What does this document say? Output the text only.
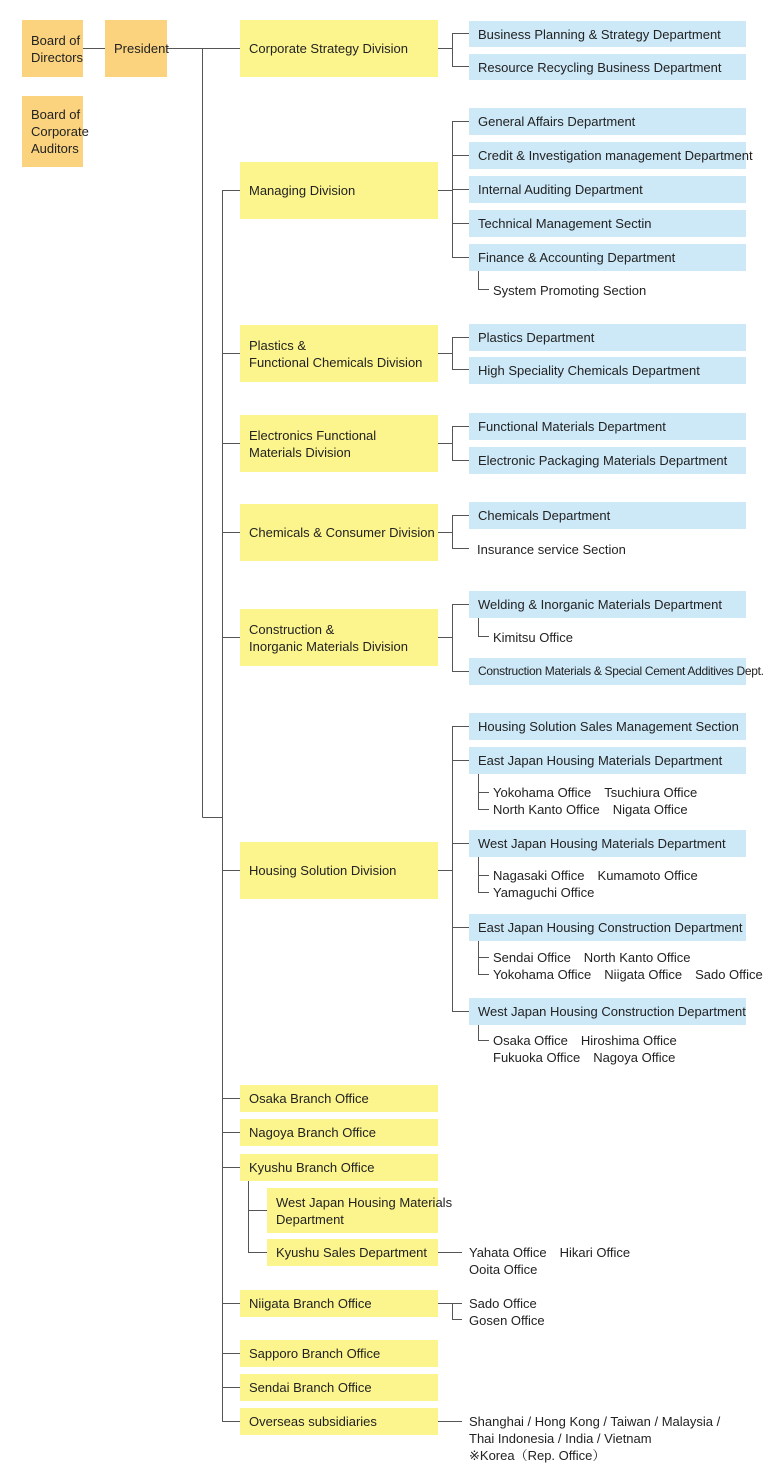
Board of
Directors
Board of
Corporate
Auditors
President	Corporate Strategy Division
Business Planning & Strategy Department
Resource Recycling Business Department
Managing Division
General Affairs Department
Credit & Investigation management Department
Internal Auditing Department
Technical Management Sectin
Finance & Accounting Department
System Promoting Section
Plastics &
Functional Chemicals Division
Plastics Department
High Speciality Chemicals Department
Electronics Functional
Materials Division
Functional Materials Department
Electronic Packaging Materials Department
Chemicals & Consumer Division
Chemicals Department
Insurance service Section
Construction &
Inorganic Materials Division
Welding & Inorganic Materials Department
Kimitsu Office
Construction Materials & Special Cement Additives Dept.
Housing Solution Division
Housing Solution Sales Management Section
East Japan Housing Materials Department
Yokohama Office　Tsuchiura Office
North Kanto Office　Nigata Office
West Japan Housing Materials Department
Nagasaki Office　Kumamoto Office
Yamaguchi Office
East Japan Housing Construction Department
Sendai Office　North Kanto Office
Yokohama Office　Niigata Office　Sado Office
West Japan Housing Construction Department
Osaka Office　Hiroshima Office
Fukuoka Office　Nagoya Office
Osaka Branch Office
Nagoya Branch Office
Kyushu Branch Office
West Japan Housing Materials
Department
Kyushu Sales Department	Yahata Office　Hikari Office
Ooita Office
Niigata Branch Office	Sado Office
Gosen Office
Sapporo Branch Office
Sendai Branch Office
Overseas subsidiaries	Shanghai / Hong Kong / Taiwan / Malaysia /
Thai Indonesia / India / Vietnam
※Korea（Rep. Office）
